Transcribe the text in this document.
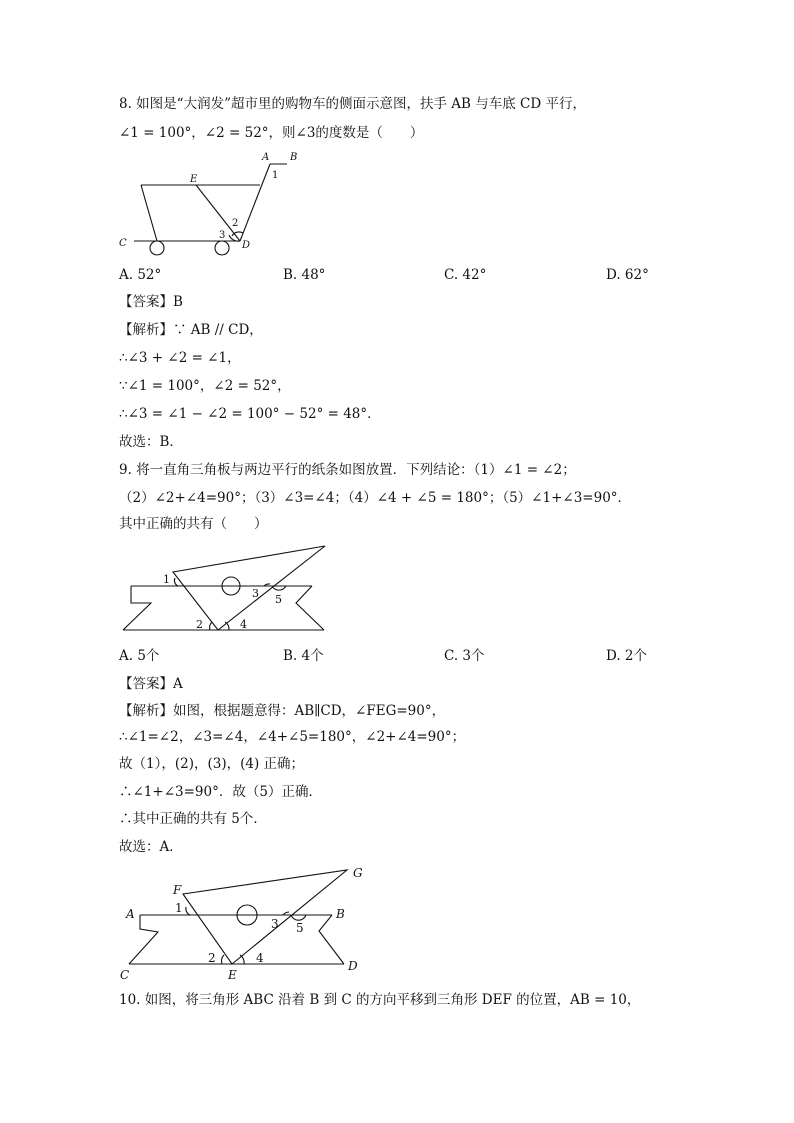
8. 如图是“大润发”超市里的购物车的侧面示意图，扶手 AB 与车底 CD 平行，
∠1 = 100°，∠2 = 52°，则∠3的度数是（　　）
A B
1
E
2
3
D
C
A. 52°	B. 48°	C. 42°	D. 62°
【答案】B
【解析】∵ AB // CD，
∴∠3 + ∠2 = ∠1，
∵∠1 = 100°，∠2 = 52°，
∴∠3 = ∠1 − ∠2 = 100° − 52° = 48°．
故选：B．
9. 将一直角三角板与两边平行的纸条如图放置．下列结论：（1）∠1 = ∠2；
（2）∠2+∠4=90°；（3）∠3=∠4；（4）∠4 + ∠5 = 180°；（5）∠1+∠3=90°．
其中正确的共有（　　）
1
3 5
2	4
A. 5个	B. 4个	C. 3个	D. 2个
【答案】A
【解析】如图，根据题意得：AB∥CD，∠FEG=90°，
∴∠1=∠2，∠3=∠4，∠4+∠5=180°，∠2+∠4=90°；
故（1），(2)，(3)，(4) 正确；
∴∠1+∠3=90°．故（5）正确．
∴其中正确的共有 5个．
故选：A．
F
G
A	B
1
3 5
2	4
C	E
D
10. 如图，将三角形 ABC 沿着 B 到 C 的方向平移到三角形 DEF 的位置，AB = 10，
